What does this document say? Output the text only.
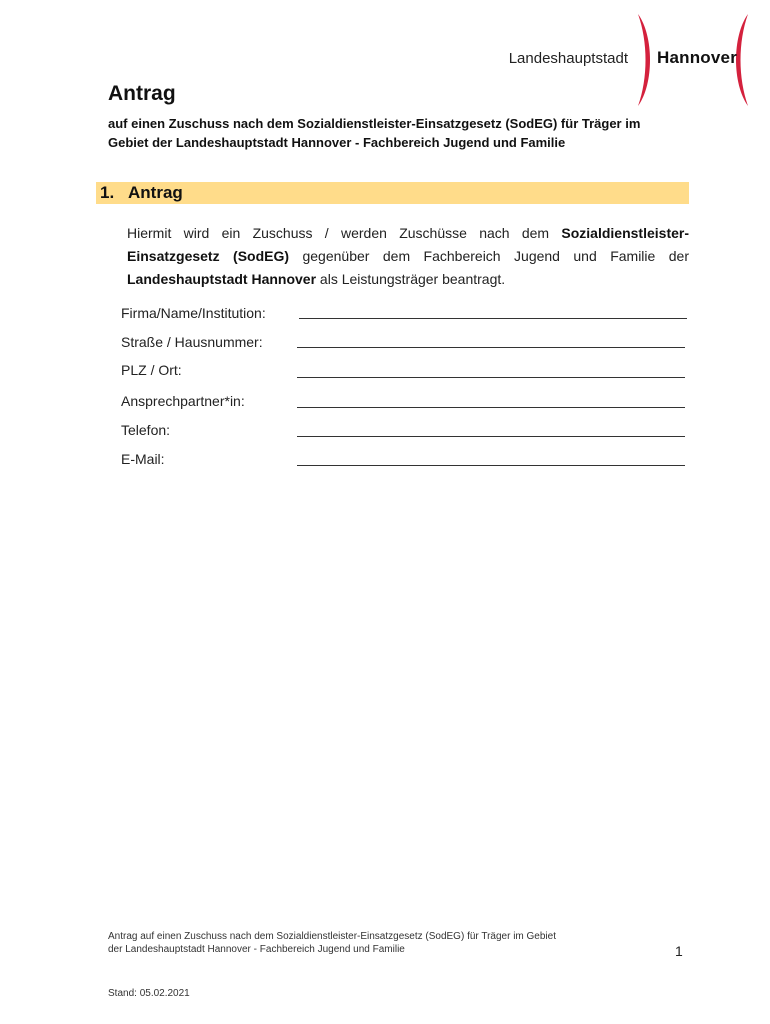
Landeshauptstadt Hannover
Antrag

auf einen Zuschuss nach dem Sozialdienstleister-Einsatzgesetz (SodEG) für Träger im Gebiet der Landeshauptstadt Hannover - Fachbereich Jugend und Familie

1. Antrag

Hiermit wird ein Zuschuss / werden Zuschüsse nach dem Sozialdienstleister-Einsatzgesetz (SodEG) gegenüber dem Fachbereich Jugend und Familie der Landeshauptstadt Hannover als Leistungsträger beantragt.

Firma/Name/Institution:
Straße / Hausnummer:
PLZ / Ort:
Ansprechpartner*in:
Telefon:
E-Mail:
Antrag auf einen Zuschuss nach dem Sozialdienstleister-Einsatzgesetz (SodEG) für Träger im Gebiet
der Landeshauptstadt Hannover - Fachbereich Jugend und Familie
Stand: 05.02.2021
1
